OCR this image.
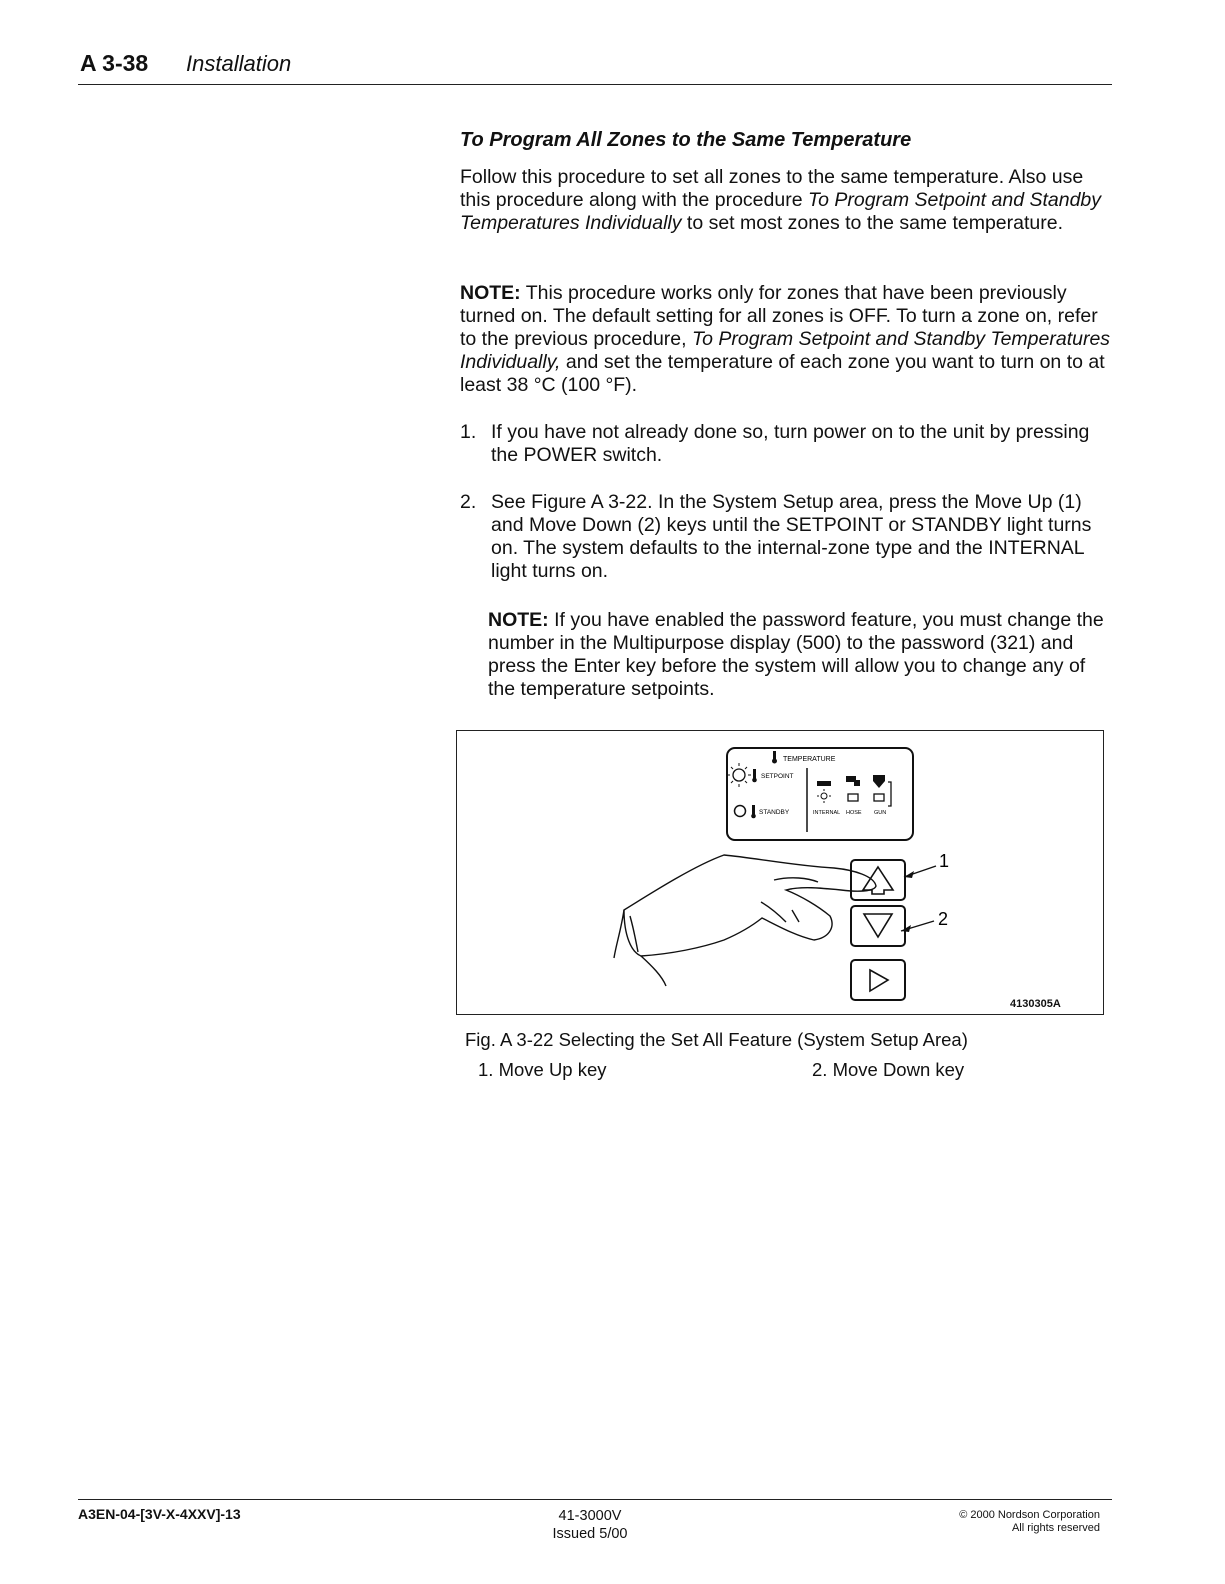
A 3-38 Installation
To Program All Zones to the Same Temperature
Follow this procedure to set all zones to the same temperature. Also use this procedure along with the procedure To Program Setpoint and Standby Temperatures Individually to set most zones to the same temperature.
NOTE: This procedure works only for zones that have been previously turned on. The default setting for all zones is OFF. To turn a zone on, refer to the previous procedure, To Program Setpoint and Standby Temperatures Individually, and set the temperature of each zone you want to turn on to at least 38 °C (100 °F).
1. If you have not already done so, turn power on to the unit by pressing the POWER switch.
2. See Figure A 3-22. In the System Setup area, press the Move Up (1) and Move Down (2) keys until the SETPOINT or STANDBY light turns on. The system defaults to the internal-zone type and the INTERNAL light turns on.
NOTE: If you have enabled the password feature, you must change the number in the Multipurpose display (500) to the password (321) and press the Enter key before the system will allow you to change any of the temperature setpoints.
TEMPERATURE
SETPOINT
STANDBY	INTERNAL HOSE GUN
1
2
4130305A
Fig. A 3-22 Selecting the Set All Feature (System Setup Area)
1. Move Up key	2. Move Down key
A3EN-04-[3V-X-4XXV]-13	41-3000V
Issued 5/00
© 2000 Nordson Corporation
All rights reserved
